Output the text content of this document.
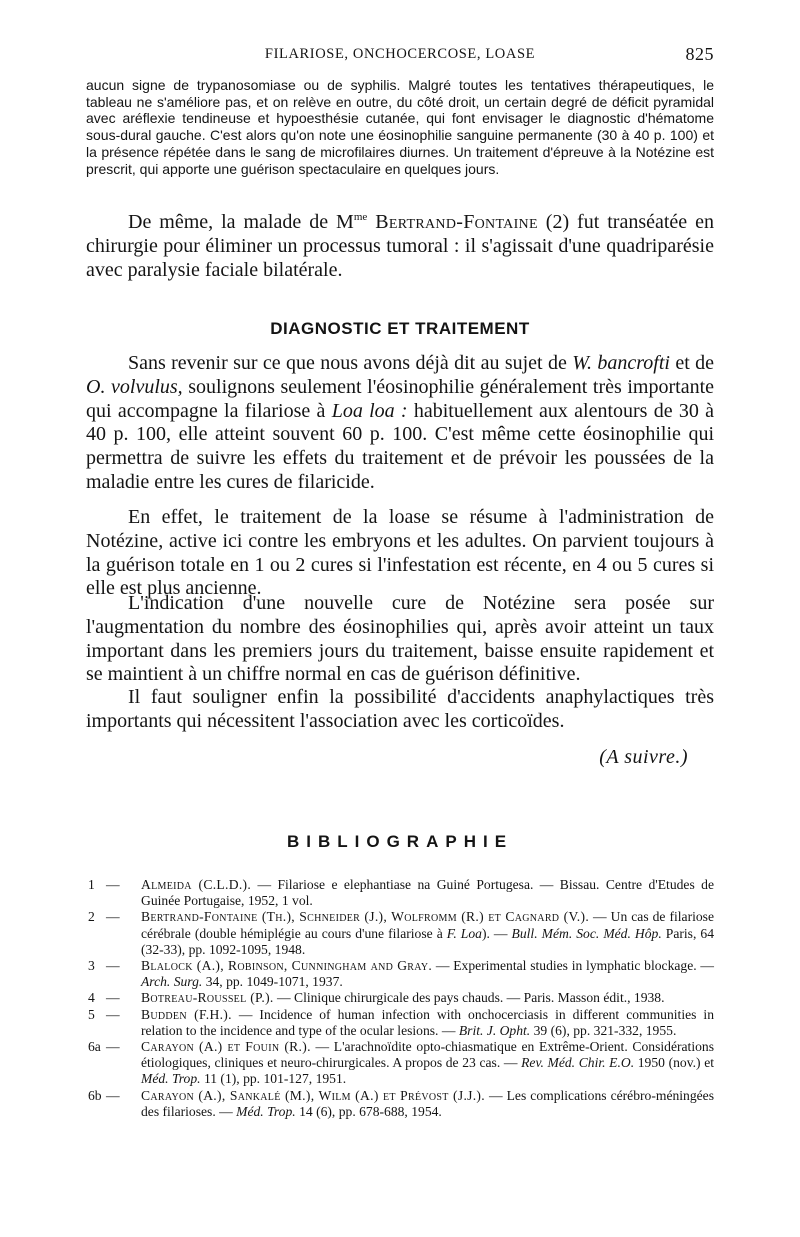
FILARIOSE, ONCHOCERCOSE, LOASE	825
aucun signe de trypanosomiase ou de syphilis. Malgré toutes les tentatives thérapeutiques, le tableau ne s'améliore pas, et on relève en outre, du côté droit, un certain degré de déficit pyramidal avec aréflexie tendineuse et hypoesthésie cutanée, qui font envisager le diagnostic d'hématome sous-dural gauche. C'est alors qu'on note une éosinophilie sanguine permanente (30 à 40 p. 100) et la présence répétée dans le sang de microfilaires diurnes. Un traitement d'épreuve à la Notézine est prescrit, qui apporte une guérison spectaculaire en quelques jours.

De même, la malade de $M^{me}$ Bertrand-Fontaine (2) fut transéatée en chirurgie pour éliminer un processus tumoral : il s'agissait d'une quadriparésie avec paralysie faciale bilatérale.

DIAGNOSTIC ET TRAITEMENT

Sans revenir sur ce que nous avons déjà dit au sujet de W. bancrofti et de O. volvulus, soulignons seulement l'éosinophilie généralement très importante qui accompagne la filariose à Loa loa : habituellement aux alentours de 30 à 40 p. 100, elle atteint souvent 60 p. 100. C'est même cette éosinophilie qui permettra de suivre les effets du traitement et de prévoir les poussées de la maladie entre les cures de filaricide.

En effet, le traitement de la loase se résume à l'administration de Notézine, active ici contre les embryons et les adultes. On parvient toujours à la guérison totale en 1 ou 2 cures si l'infestation est récente, en 4 ou 5 cures si elle est plus ancienne.

L'indication d'une nouvelle cure de Notézine sera posée sur l'augmentation du nombre des éosinophilies qui, après avoir atteint un taux important dans les premiers jours du traitement, baisse ensuite rapidement et se maintient à un chiffre normal en cas de guérison définitive.

Il faut souligner enfin la possibilité d'accidents anaphylactiques très importants qui nécessitent l'association avec les corticoïdes.

(A suivre.)
BIBLIOGRAPHIE
1 — Almeida (C.L.D.). — Filariose e elephantiase na Guiné Portugesa. — Bissau. Centre d'Etudes de Guinée Portugaise, 1952, 1 vol.
2 — Bertrand-Fontaine (Th.), Schneider (J.), Wolfromm (R.) et Cagnard (V.). — Un cas de filariose cérébrale (double hémiplégie au cours d'une filariose à F. Loa). — Bull. Mém. Soc. Méd. Hôp. Paris, 64 (32-33), pp. 1092-1095, 1948.
3 — Blalock (A.), Robinson, Cunningham and Gray. — Experimental studies in lymphatic blockage. — Arch. Surg. 34, pp. 1049-1071, 1937.
4 — Botreau-Roussel (P.). — Clinique chirurgicale des pays chauds. — Paris. Masson édit., 1938.
5 — Budden (F.H.). — Incidence of human infection with onchocerciasis in different communities in relation to the incidence and type of the ocular lesions. — Brit. J. Opht. 39 (6), pp. 321-332, 1955.
6a — Carayon (A.) et Fouin (R.). — L'arachnoïdite opto-chiasmatique en Extrême-Orient. Considérations étiologiques, cliniques et neuro-chirurgicales. A propos de 23 cas. — Rev. Méd. Chir. E.O. 1950 (nov.) et Méd. Trop. 11 (1), pp. 101-127, 1951.
6b — Carayon (A.), Sankalé (M.), Wilm (A.) et Prévost (J.J.). — Les complications cérébro-méningées des filarioses. — Méd. Trop. 14 (6), pp. 678-688, 1954.
